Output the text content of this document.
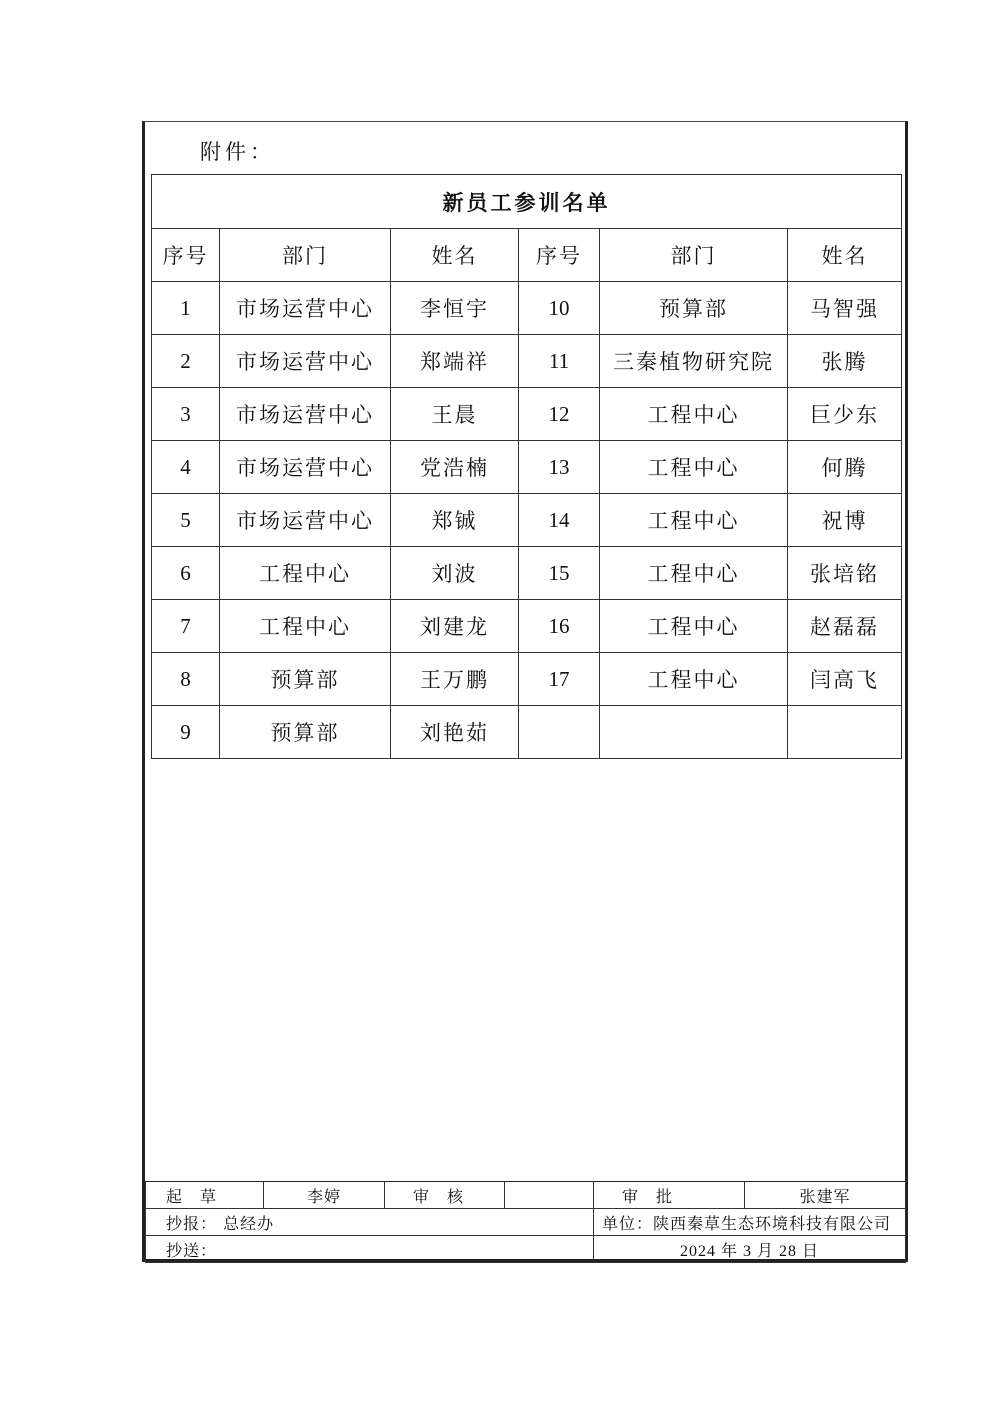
附件：
新员工参训名单					
序号	部门	姓名	序号	部门	姓名
1	市场运营中心	李恒宇	10	预算部	马智强
2	市场运营中心	郑端祥	11	三秦植物研究院	张腾
3	市场运营中心	王晨	12	工程中心	巨少东
4	市场运营中心	党浩楠	13	工程中心	何腾
5	市场运营中心	郑铖	14	工程中心	祝博
6	工程中心	刘波	15	工程中心	张培铭
7	工程中心	刘建龙	16	工程中心	赵磊磊
8	预算部	王万鹏	17	工程中心	闫高飞
9	预算部	刘艳茹			
起　草	李婷	审　核		审　批	张建军
抄报： 总经办				单位：陕西秦草生态环境科技有限公司	
抄送：				2024 年 3 月 28 日	
